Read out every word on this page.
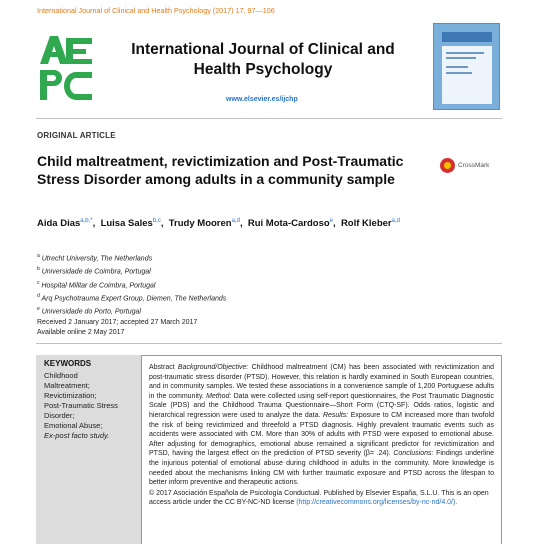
International Journal of Clinical and Health Psychology (2017) 17, 97—106
International Journal of Clinical and Health Psychology
www.elsevier.es/ijchp
ORIGINAL ARTICLE
Child maltreatment, revictimization and Post-Traumatic Stress Disorder among adults in a community sample
CrossMark
Aida Dias$^{a,b,*}$,  Luisa Sales$^{b,c}$,  Trudy Mooren$^{a,d}$,  Rui Mota-Cardoso$^e$,  Rolf Kleber$^{a,d}$
$^a$ Utrecht University, The Netherlands
$^b$ Universidade de Coimbra, Portugal
$^c$ Hospital Militar de Coimbra, Portugal
$^d$ Arq Psychotrauma Expert Group, Diemen, The Netherlands
$^e$ Universidade do Porto, Portugal
Received 2 January 2017; accepted 27 March 2017
Available online 2 May 2017
KEYWORDS
Childhood
Maltreatment;
Revictimization;
Post-Traumatic Stress
Disorder;
Emotional Abuse;
Ex-post facto study.
Abstract Background/Objective: Childhood maltreatment (CM) has been associated with revictimization and post-traumatic stress disorder (PTSD). However, this relation is hardly examined in South European countries, and in community samples. We tested these associations in a convenience sample of 1,200 Portuguese adults in the community. Method: Data were collected using self-report questionnaires, the Post Traumatic Diagnostic Scale (PDS) and the Childhood Trauma Questionnaire—Short Form (CTQ-SF). Odds ratios, logistic and hierarchical regression were used to analyze the data. Results: Exposure to CM increased more than twofold the risk of being revictimized and threefold a PTSD diagnosis. Highly prevalent traumatic events such as accidents were associated with CM. More than 30% of adults with PTSD were exposed to emotional abuse. After adjusting for demographics, emotional abuse remained a significant predictor for revictimization and PTSD, having the largest effect on the prediction of PTSD severity (β= .24). Conclusions: Findings underline the injurious potential of emotional abuse during childhood in adults in the community. More knowledge is needed about the mechanisms linking CM with further traumatic exposure and PTSD across the lifespan to better inform preventive and therapeutic actions.
© 2017 Asociación Española de Psicología Conductual. Published by Elsevier España, S.L.U. This is an open access article under the CC BY-NC-ND license (http://creativecommons.org/licenses/by-nc-nd/4.0/).
